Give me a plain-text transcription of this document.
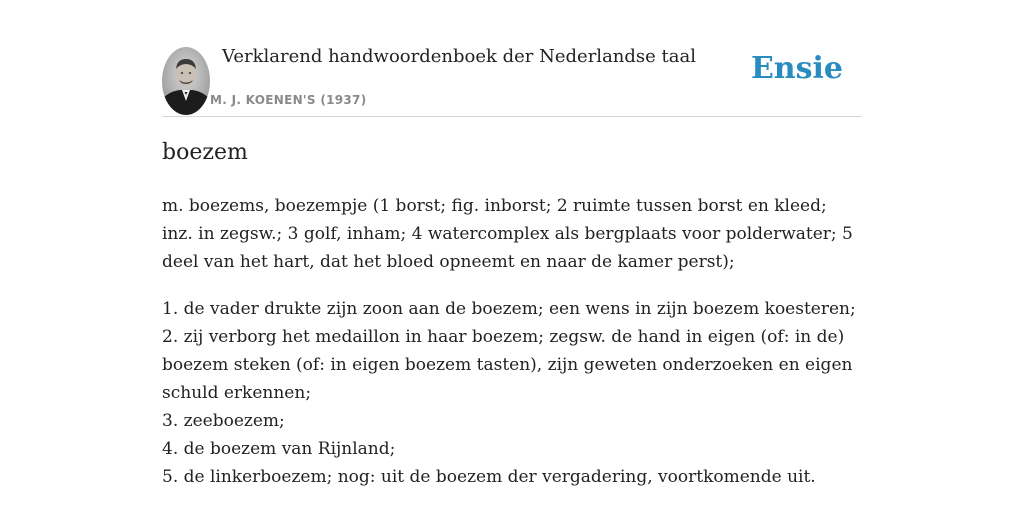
Verklarend handwoordenboek der Nederlandse taal
M. J. KOENEN'S (1937)
Ensie
boezem

m. boezems, boezempje (1 borst; fig. inborst; 2 ruimte tussen borst en kleed; inz. in zegsw.; 3 golf, inham; 4 watercomplex als bergplaats voor polderwater; 5 deel van het hart, dat het bloed opneemt en naar de kamer perst);

1. de vader drukte zijn zoon aan de boezem; een wens in zijn boezem koesteren;
2. zij verborg het medaillon in haar boezem; zegsw. de hand in eigen (of: in de) boezem steken (of: in eigen boezem tasten), zijn geweten onderzoeken en eigen schuld erkennen;
3. zeeboezem;
4. de boezem van Rijnland;
5. de linkerboezem; nog: uit de boezem der vergadering, voortkomende uit.
